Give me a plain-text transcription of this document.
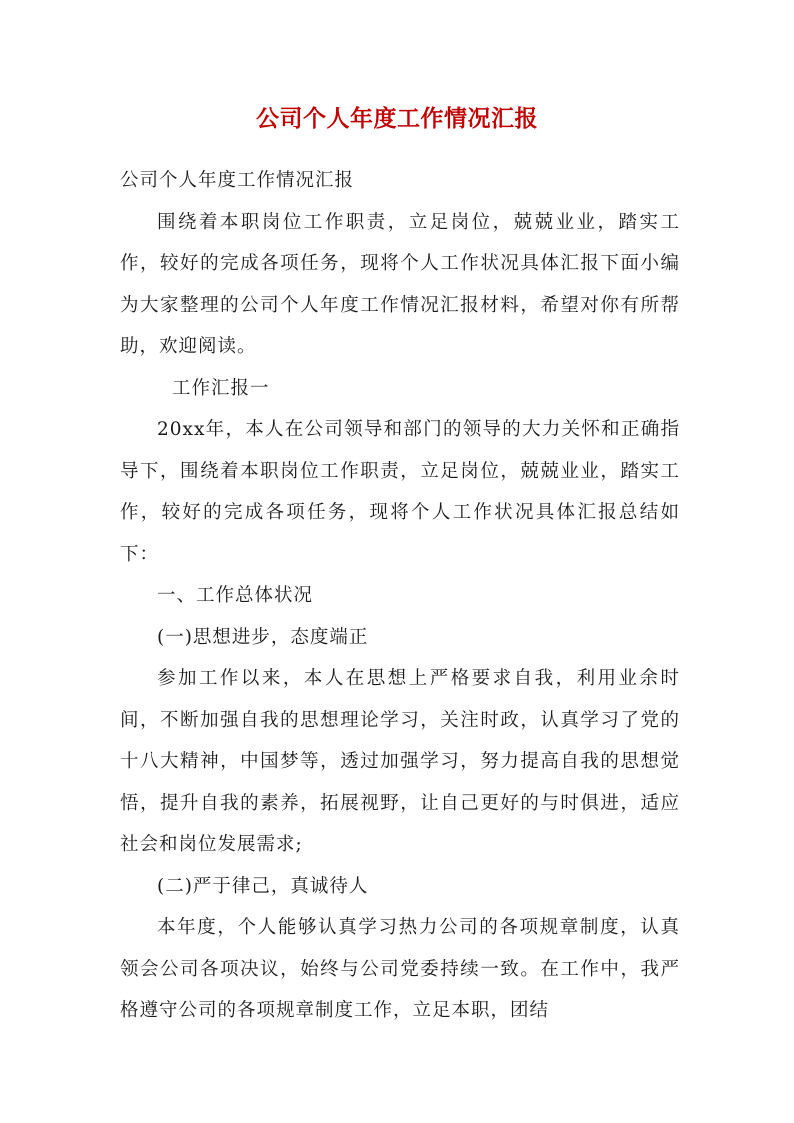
公司个人年度工作情况汇报

公司个人年度工作情况汇报

围绕着本职岗位工作职责，立足岗位，兢兢业业，踏实工作，较好的完成各项任务，现将个人工作状况具体汇报下面小编为大家整理的公司个人年度工作情况汇报材料，希望对你有所帮助，欢迎阅读。

工作汇报一

20xx年，本人在公司领导和部门的领导的大力关怀和正确指导下，围绕着本职岗位工作职责，立足岗位，兢兢业业，踏实工作，较好的完成各项任务，现将个人工作状况具体汇报总结如下：

一、工作总体状况

(一)思想进步，态度端正

参加工作以来，本人在思想上严格要求自我，利用业余时间，不断加强自我的思想理论学习，关注时政，认真学习了党的十八大精神，中国梦等，透过加强学习，努力提高自我的思想觉悟，提升自我的素养，拓展视野，让自己更好的与时俱进，适应社会和岗位发展需求;

(二)严于律己，真诚待人

本年度，个人能够认真学习热力公司的各项规章制度，认真领会公司各项决议，始终与公司党委持续一致。在工作中，我严格遵守公司的各项规章制度工作，立足本职，团结
